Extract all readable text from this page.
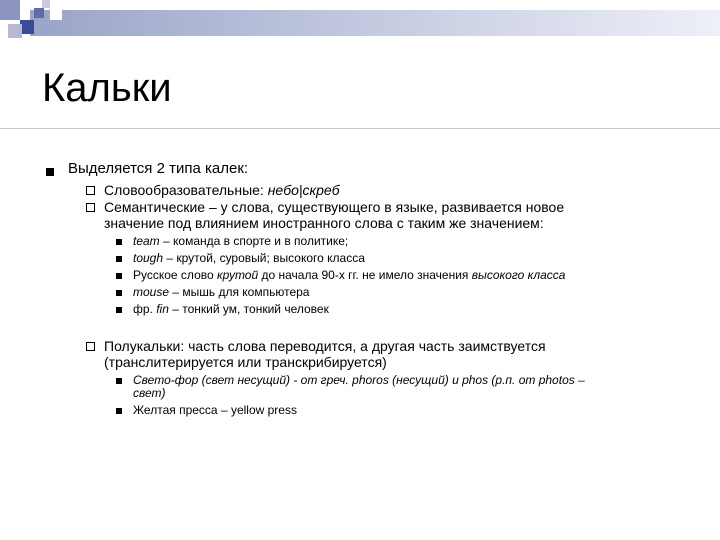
Кальки
Выделяется 2 типа калек:
Словообразовательные: небо|скреб
Семантические – у слова, существующего в языке, развивается новое
значение под влиянием иностранного слова с таким же значением:
team – команда в спорте и в политике;
tough – крутой, суровый; высокого класса
Русское слово крутой до начала 90-х гг. не имело значения высокого класса
mouse – мышь для компьютера
фр. fin – тонкий ум, тонкий человек
Полукальки: часть слова переводится, а другая часть заимствуется
(транслитерируется или транскрибируется)
Свето-фор (свет несущий) - от греч. phoros (несущий) и phos (р.п. от photos –
свет)
Желтая пресса – yellow press
